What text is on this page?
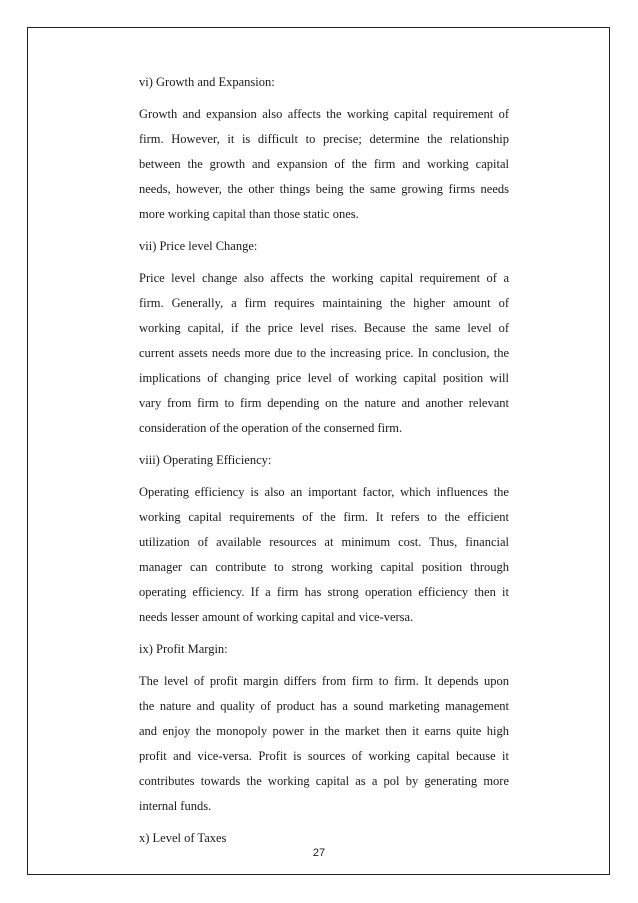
vi) Growth and Expansion:
Growth and expansion also affects the working capital requirement of
firm. However, it is difficult to precise; determine the relationship
between the growth and expansion of the firm and working capital
needs, however, the other things being the same growing firms needs
more working capital than those static ones.
vii) Price level Change:
Price level change also affects the working capital requirement of a
firm. Generally, a firm requires maintaining the higher amount of
working capital, if the price level rises. Because the same level of
current assets needs more due to the increasing price. In conclusion, the
implications of changing price level of working capital position will
vary from firm to firm depending on the nature and another relevant
consideration of the operation of the conserned firm.
viii) Operating Efficiency:
Operating efficiency is also an important factor, which influences the
working capital requirements of the firm. It refers to the efficient
utilization of available resources at minimum cost. Thus, financial
manager can contribute to strong working capital position through
operating efficiency. If a firm has strong operation efficiency then it
needs lesser amount of working capital and vice-versa.
ix) Profit Margin:
The level of profit margin differs from firm to firm. It depends upon
the nature and quality of product has a sound marketing management
and enjoy the monopoly power in the market then it earns quite high
profit and vice-versa. Profit is sources of working capital because it
contributes towards the working capital as a pol by generating more
internal funds.
x) Level of Taxes
27
